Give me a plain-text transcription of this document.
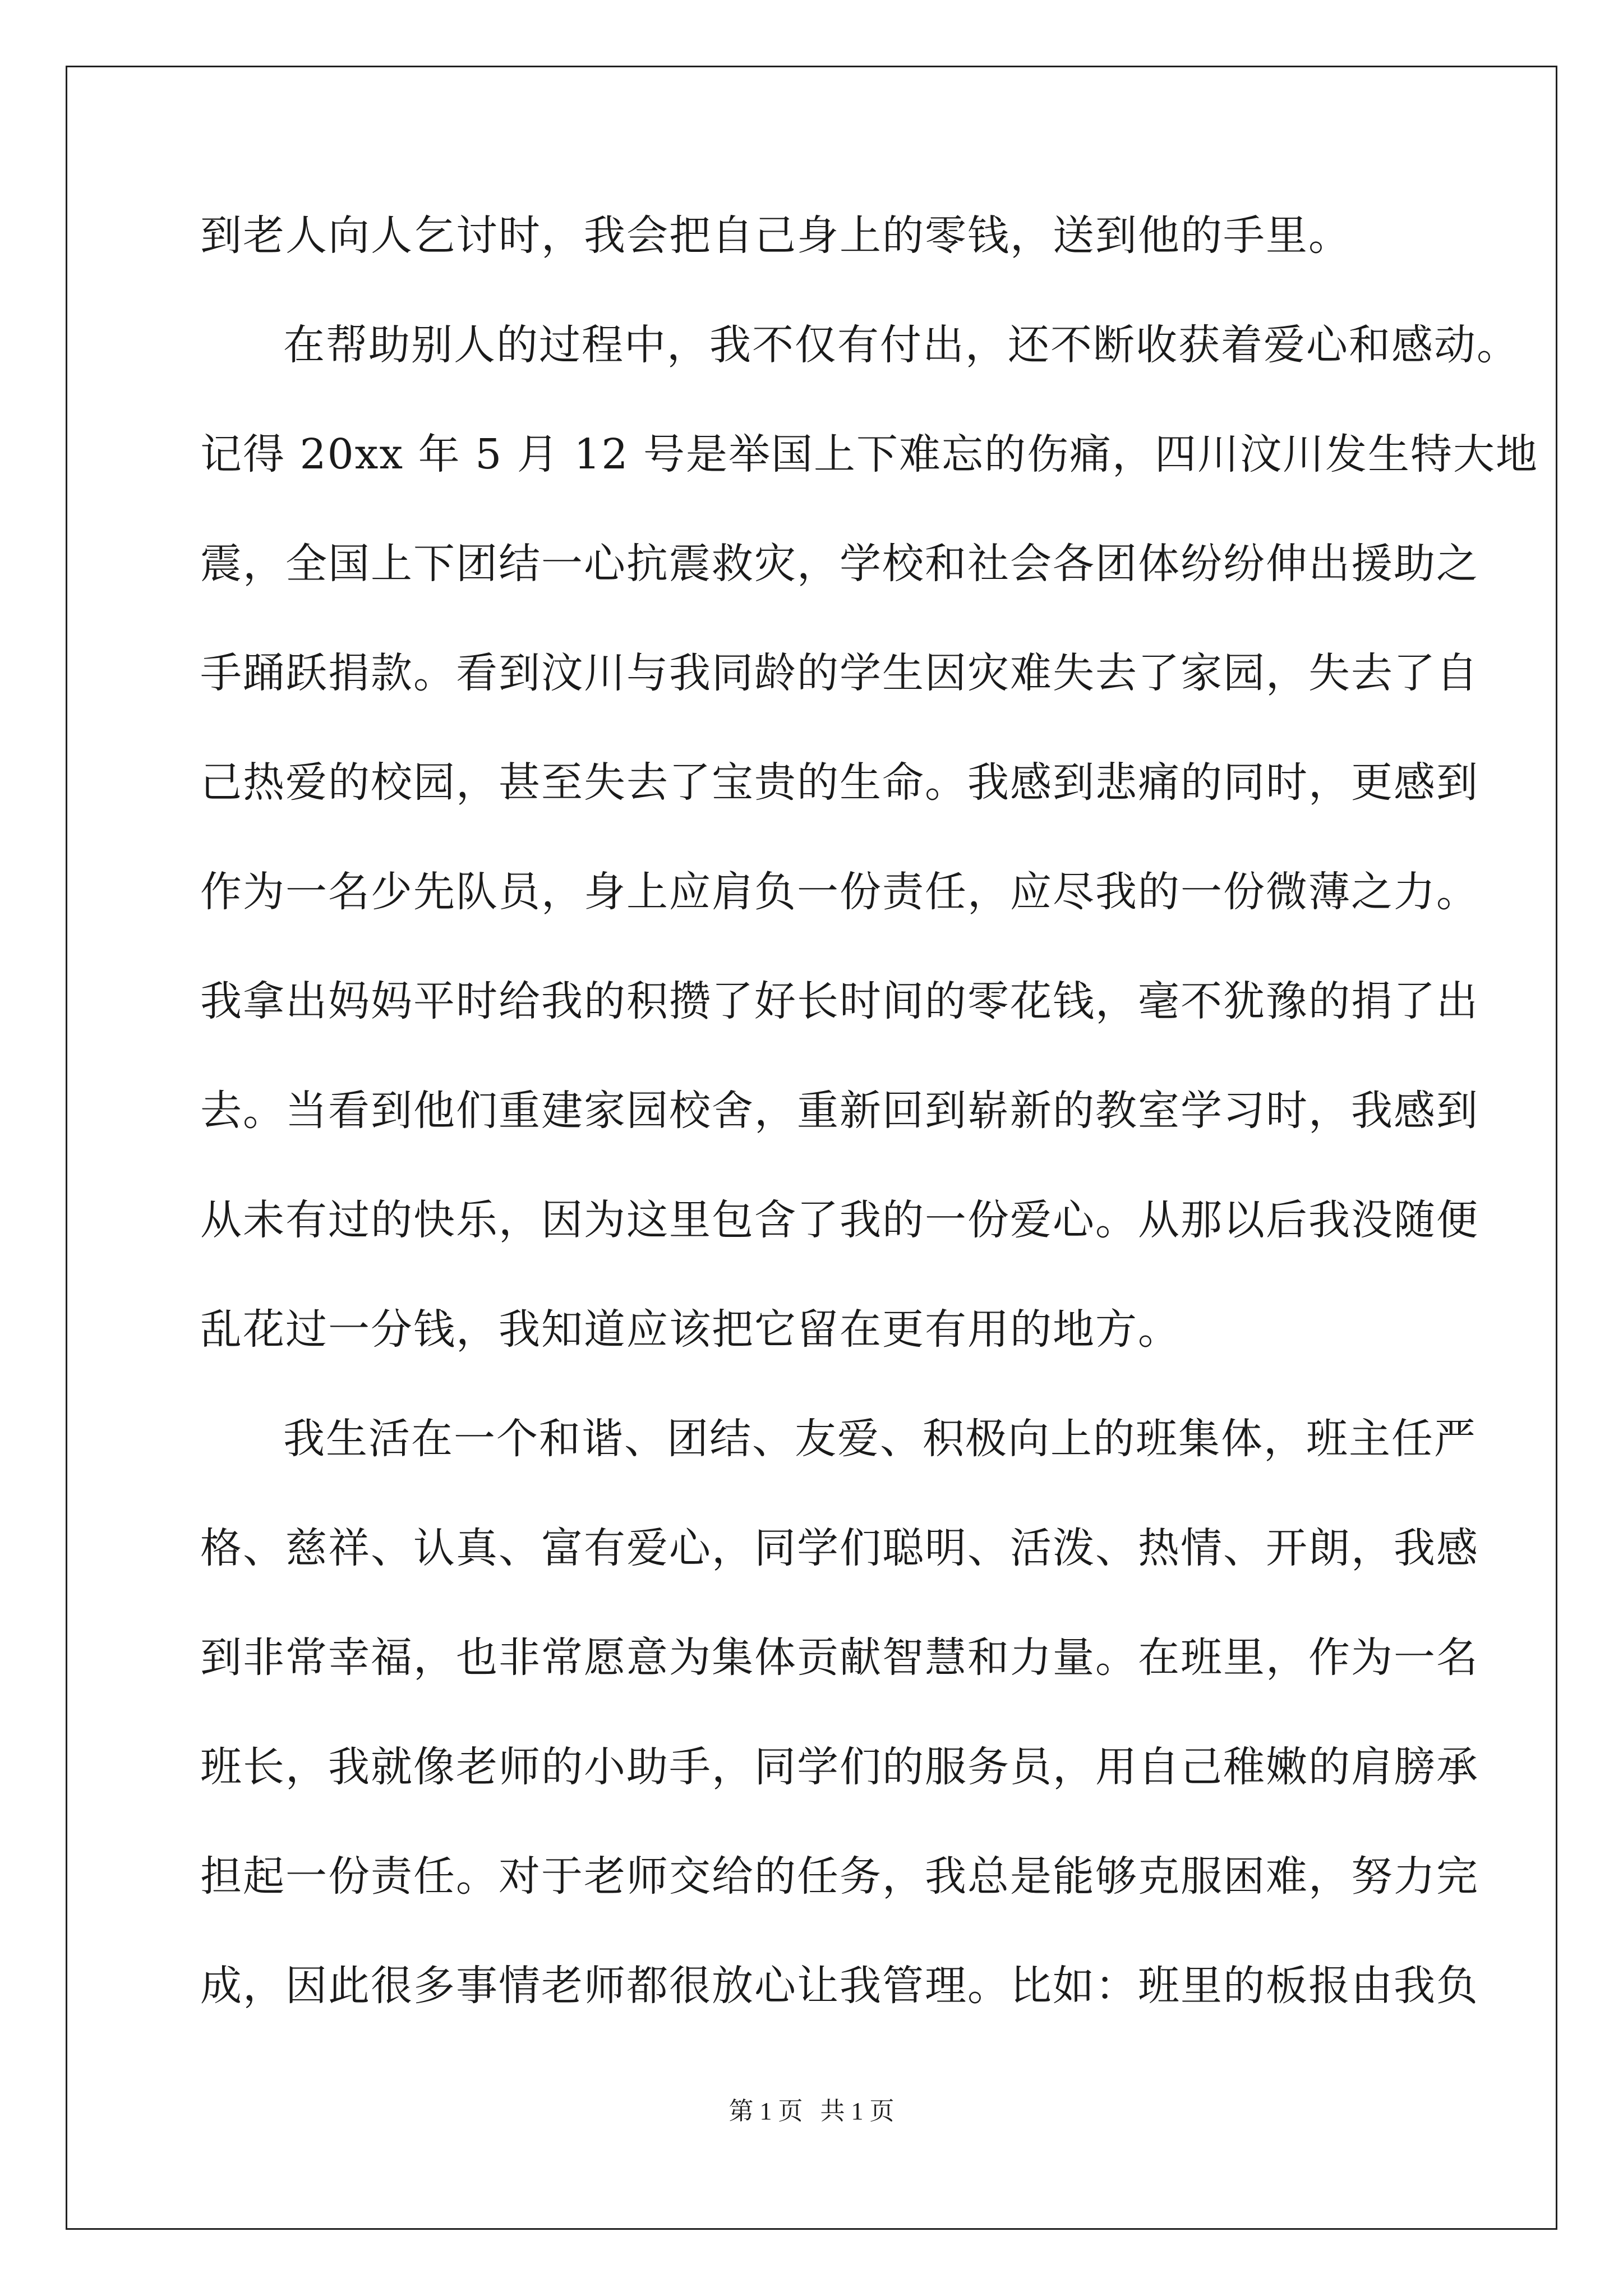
到老人向人乞讨时，我会把自己身上的零钱，送到他的手里。
在帮助别人的过程中，我不仅有付出，还不断收获着爱心和感动。
记得 20xx 年 5 月 12 号是举国上下难忘的伤痛，四川汶川发生特大地
震，全国上下团结一心抗震救灾，学校和社会各团体纷纷伸出援助之
手踊跃捐款。看到汶川与我同龄的学生因灾难失去了家园，失去了自
己热爱的校园，甚至失去了宝贵的生命。我感到悲痛的同时，更感到
作为一名少先队员，身上应肩负一份责任，应尽我的一份微薄之力。
我拿出妈妈平时给我的积攒了好长时间的零花钱，毫不犹豫的捐了出
去。当看到他们重建家园校舍，重新回到崭新的教室学习时，我感到
从未有过的快乐，因为这里包含了我的一份爱心。从那以后我没随便
乱花过一分钱，我知道应该把它留在更有用的地方。
我生活在一个和谐、团结、友爱、积极向上的班集体，班主任严
格、慈祥、认真、富有爱心，同学们聪明、活泼、热情、开朗，我感
到非常幸福，也非常愿意为集体贡献智慧和力量。在班里，作为一名
班长，我就像老师的小助手，同学们的服务员，用自己稚嫩的肩膀承
担起一份责任。对于老师交给的任务，我总是能够克服困难，努力完
成，因此很多事情老师都很放心让我管理。比如：班里的板报由我负
第 1 页 共 1 页
